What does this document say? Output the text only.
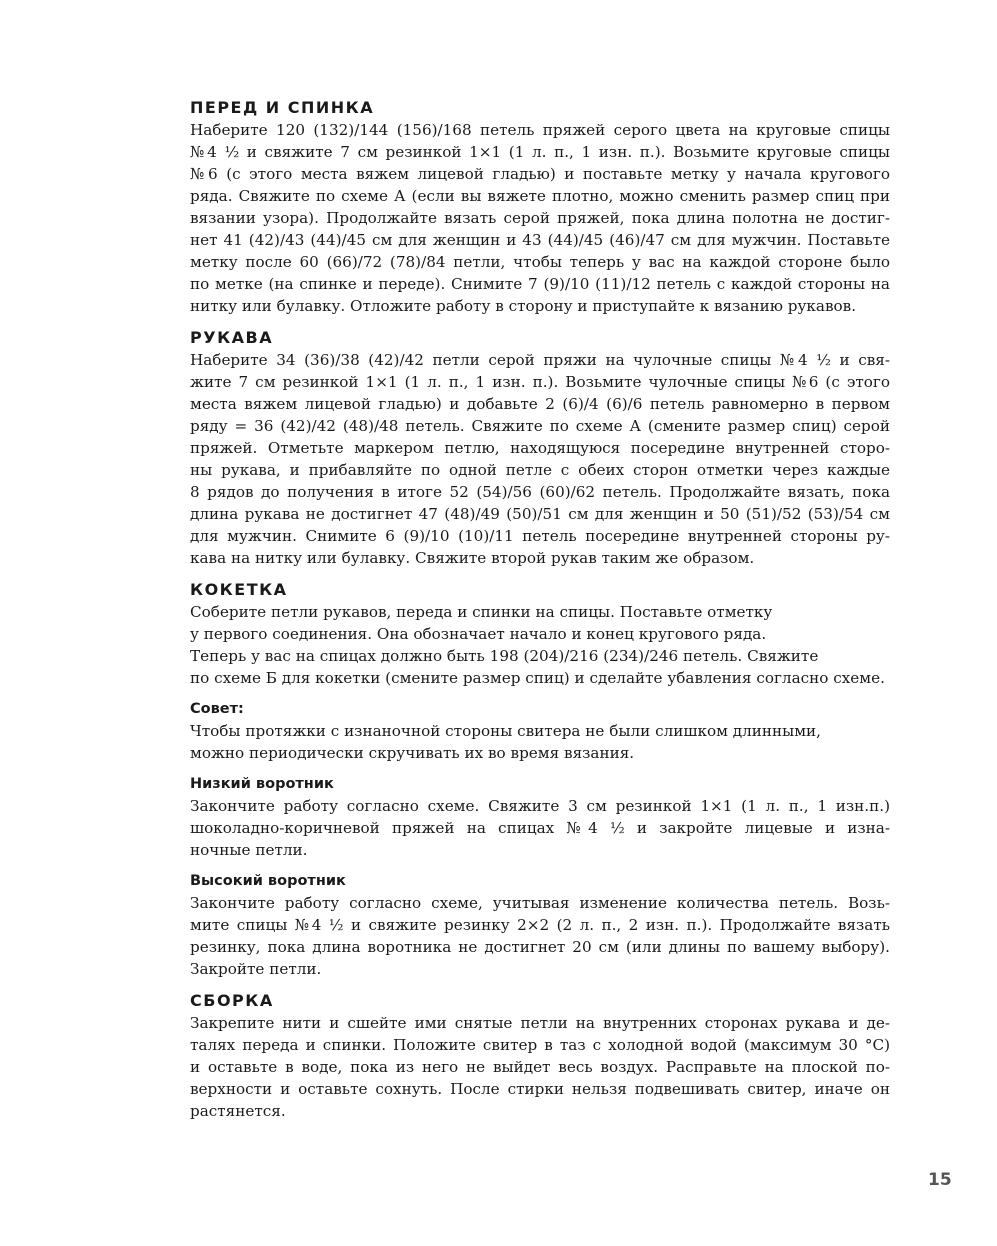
ПЕРЕД И СПИНКА

Наберите 120 (132)/144 (156)/168 петель пряжей серого цвета на круговые спицы
№4 ½ и свяжите 7 см резинкой 1×1 (1 л. п., 1 изн. п.). Возьмите круговые спицы
№6 (с этого места вяжем лицевой гладью) и поставьте метку у начала кругового
ряда. Свяжите по схеме А (если вы вяжете плотно, можно сменить размер спиц при
вязании узора). Продолжайте вязать серой пряжей, пока длина полотна не достиг-
нет 41 (42)/43 (44)/45 см для женщин и 43 (44)/45 (46)/47 см для мужчин. Поставьте
метку после 60 (66)/72 (78)/84 петли, чтобы теперь у вас на каждой стороне было
по метке (на спинке и переде). Снимите 7 (9)/10 (11)/12 петель с каждой стороны на
нитку или булавку. Отложите работу в сторону и приступайте к вязанию рукавов.

РУКАВА

Наберите 34 (36)/38 (42)/42 петли серой пряжи на чулочные спицы №4 ½ и свя-
жите 7 см резинкой 1×1 (1 л. п., 1 изн. п.). Возьмите чулочные спицы №6 (с этого
места вяжем лицевой гладью) и добавьте 2 (6)/4 (6)/6 петель равномерно в первом
ряду = 36 (42)/42 (48)/48 петель. Свяжите по схеме А (смените размер спиц) серой
пряжей. Отметьте маркером петлю, находящуюся посередине внутренней сторо-
ны рукава, и прибавляйте по одной петле с обеих сторон отметки через каждые
8 рядов до получения в итоге 52 (54)/56 (60)/62 петель. Продолжайте вязать, пока
длина рукава не достигнет 47 (48)/49 (50)/51 см для женщин и 50 (51)/52 (53)/54 см
для мужчин. Снимите 6 (9)/10 (10)/11 петель посередине внутренней стороны ру-
кава на нитку или булавку. Свяжите второй рукав таким же образом.

КОКЕТКА

Соберите петли рукавов, переда и спинки на спицы. Поставьте отметку
у первого соединения. Она обозначает начало и конец кругового ряда.
Теперь у вас на спицах должно быть 198 (204)/216 (234)/246 петель. Свяжите
по схеме Б для кокетки (смените размер спиц) и сделайте убавления согласно схеме.

Совет:

Чтобы протяжки с изнаночной стороны свитера не были слишком длинными,
можно периодически скручивать их во время вязания.

Низкий воротник

Закончите работу согласно схеме. Свяжите 3 см резинкой 1×1 (1 л. п., 1 изн.п.)
шоколадно-коричневой пряжей на спицах №4 ½ и закройте лицевые и изна-
ночные петли.

Высокий воротник

Закончите работу согласно схеме, учитывая изменение количества петель. Возь-
мите спицы №4 ½ и свяжите резинку 2×2 (2 л. п., 2 изн. п.). Продолжайте вязать
резинку, пока длина воротника не достигнет 20 см (или длины по вашему выбору).
Закройте петли.

СБОРКА

Закрепите нити и сшейте ими снятые петли на внутренних сторонах рукава и де-
талях переда и спинки. Положите свитер в таз с холодной водой (максимум 30 °C)
и оставьте в воде, пока из него не выйдет весь воздух. Расправьте на плоской по-
верхности и оставьте сохнуть. После стирки нельзя подвешивать свитер, иначе он
растянется.

15
